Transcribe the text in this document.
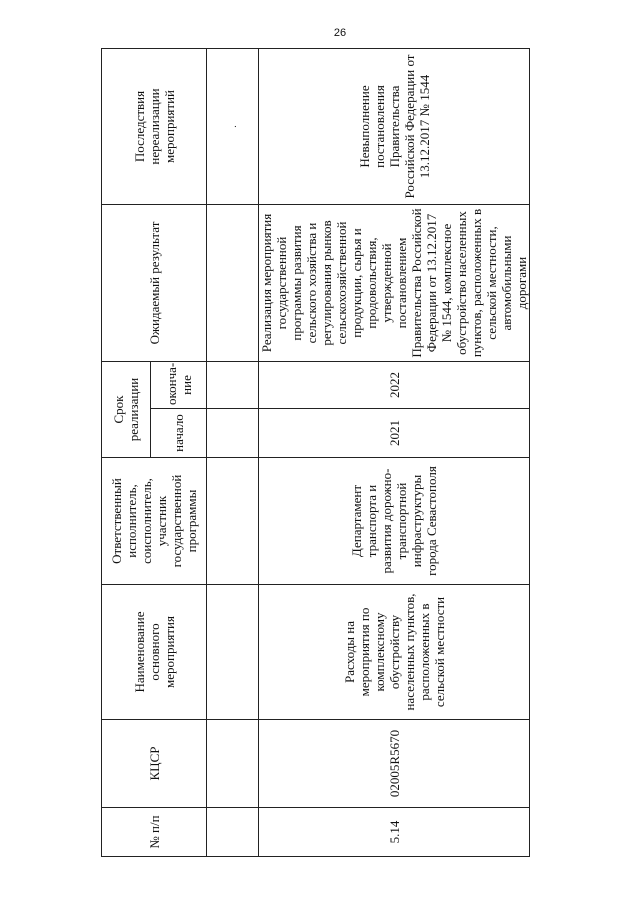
26
№ п/п	КЦСР	Наименование основного мероприятия	Ответственный исполнитель, соисполнитель, участник государственной программы	Срок реализации		Ожидаемый результат	Последствия нереализации мероприятий
				начало	оконча-ние		
							.
5.14	02005R5670	Расходы на мероприятия по комплексному обустройству населенных пунктов, расположенных в сельской местности	Департамент транспорта и развития дорожно-транспортной инфраструктуры города Севастополя	2021	2022	Реализация мероприятия государственной программы развития сельского хозяйства и регулирования рынков сельскохозяйственной продукции, сырья и продовольствия, утвержденной постановлением Правительства Российской Федерации от 13.12.2017 № 1544, комплексное обустройство населенных пунктов, расположенных в сельской местности, автомобильными дорогами	Невыполнение постановления Правительства Российской Федерации от 13.12.2017 № 1544
